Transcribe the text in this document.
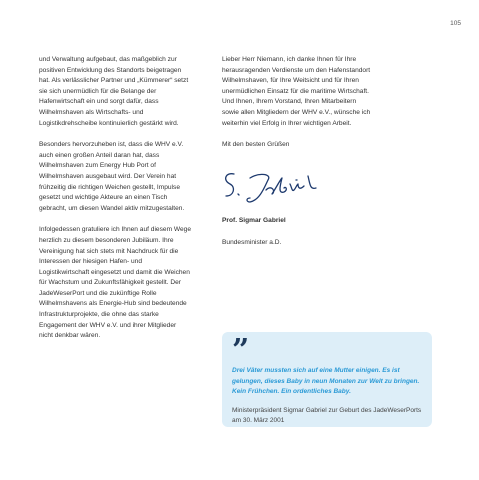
105

und Verwaltung aufgebaut, das maßgeblich zur positiven Entwicklung des Standorts beigetragen hat. Als verlässlicher Partner und „Kümmerer“ setzt sie sich unermüdlich für die Belange der Hafenwirtschaft ein und sorgt dafür, dass Wilhelmshaven als Wirtschafts- und Logistikdrehscheibe kontinuierlich gestärkt wird.

Besonders hervorzuheben ist, dass die WHV e.V. auch einen großen Anteil daran hat, dass Wilhelmshaven zum Energy Hub Port of Wilhelmshaven ausgebaut wird. Der Verein hat frühzeitig die richtigen Weichen gestellt, Impulse gesetzt und wichtige Akteure an einen Tisch gebracht, um diesen Wandel aktiv mitzugestalten.

Infolgedessen gratuliere ich Ihnen auf diesem Wege herzlich zu diesem besonderen Jubiläum. Ihre Vereinigung hat sich stets mit Nachdruck für die Interessen der hiesigen Hafen- und Logistikwirtschaft eingesetzt und damit die Weichen für Wachstum und Zukunftsfähigkeit gestellt. Der JadeWeserPort und die zukünftige Rolle Wilhelmshavens als Energie-Hub sind bedeutende Infrastrukturprojekte, die ohne das starke Engagement der WHV e.V. und ihrer Mitglieder nicht denkbar wären.

Lieber Herr Niemann, ich danke Ihnen für Ihre herausragenden Verdienste um den Hafenstandort Wilhelmshaven, für Ihre Weitsicht und für Ihren unermüdlichen Einsatz für die maritime Wirtschaft. Und Ihnen, Ihrem Vorstand, Ihren Mitarbeitern sowie allen Mitgliedern der WHV e.V., wünsche ich weiterhin viel Erfolg in Ihrer wichtigen Arbeit.

Mit den besten Grüßen

Prof. Sigmar Gabriel

Bundesminister a.D.

”

Drei Väter mussten sich auf eine Mutter einigen. Es ist gelungen, dieses Baby in neun Monaten zur Welt zu bringen. Kein Frühchen. Ein ordentliches Baby.

Ministerpräsident Sigmar Gabriel zur Geburt des JadeWeserPorts am 30. März 2001
